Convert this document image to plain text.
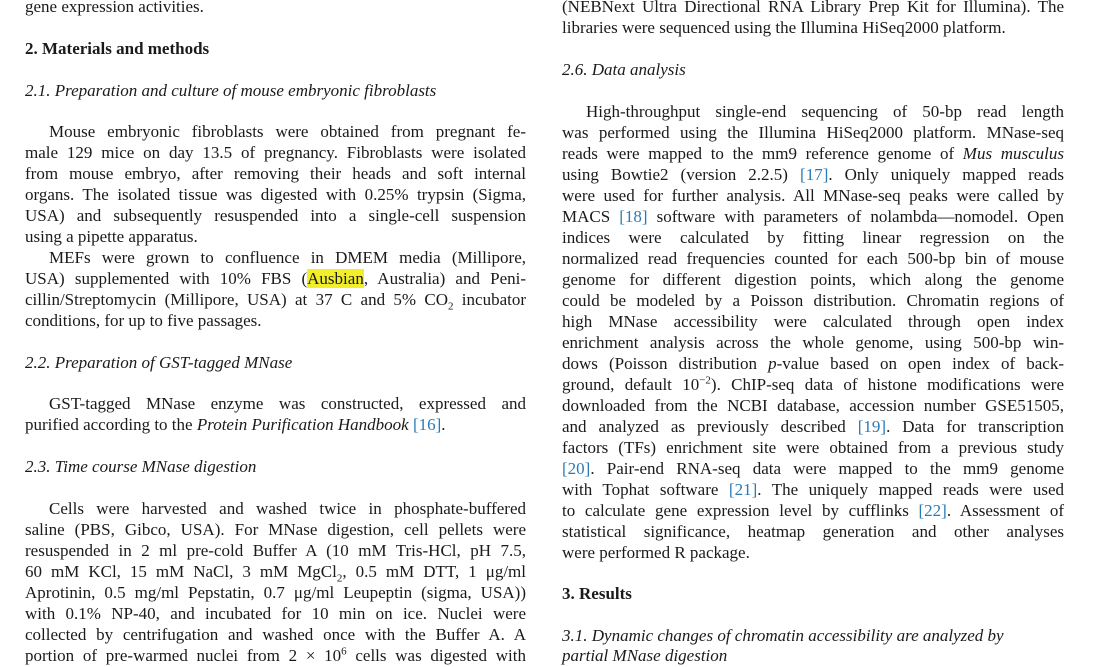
gene expression activities.
2. Materials and methods
2.1. Preparation and culture of mouse embryonic fibroblasts
Mouse embryonic fibroblasts were obtained from pregnant fe-
male 129 mice on day 13.5 of pregnancy. Fibroblasts were isolated
from mouse embryo, after removing their heads and soft internal
organs. The isolated tissue was digested with 0.25% trypsin (Sigma,
USA) and subsequently resuspended into a single-cell suspension
using a pipette apparatus.
MEFs were grown to confluence in DMEM media (Millipore,
USA) supplemented with 10% FBS (Ausbian, Australia) and Peni-
cillin/Streptomycin (Millipore, USA) at 37 C and 5% $CO_2$ incubator
conditions, for up to five passages.
2.2. Preparation of GST-tagged MNase
GST-tagged MNase enzyme was constructed, expressed and
purified according to the Protein Purification Handbook [16].
2.3. Time course MNase digestion
Cells were harvested and washed twice in phosphate-buffered
saline (PBS, Gibco, USA). For MNase digestion, cell pellets were
resuspended in 2 ml pre-cold Buffer A (10 mM Tris-HCl, pH 7.5,
60 mM KCl, 15 mM NaCl, 3 mM MgCl$_2$, 0.5 mM DTT, 1 μg/ml
Aprotinin, 0.5 mg/ml Pepstatin, 0.7 μg/ml Leupeptin (sigma, USA))
with 0.1% NP-40, and incubated for 10 min on ice. Nuclei were
collected by centrifugation and washed once with the Buffer A. A
portion of pre-warmed nuclei from $2 \times 10^6$ cells was digested with
(NEBNext Ultra Directional RNA Library Prep Kit for Illumina). The
libraries were sequenced using the Illumina HiSeq2000 platform.
2.6. Data analysis
High-throughput single-end sequencing of 50-bp read length
was performed using the Illumina HiSeq2000 platform. MNase-seq
reads were mapped to the mm9 reference genome of Mus musculus
using Bowtie2 (version 2.2.5) [17]. Only uniquely mapped reads
were used for further analysis. All MNase-seq peaks were called by
MACS [18] software with parameters of nolambda—nomodel. Open
indices were calculated by fitting linear regression on the
normalized read frequencies counted for each 500-bp bin of mouse
genome for different digestion points, which along the genome
could be modeled by a Poisson distribution. Chromatin regions of
high MNase accessibility were calculated through open index
enrichment analysis across the whole genome, using 500-bp win-
dows (Poisson distribution p-value based on open index of back-
ground, default $10^{-2}$). ChIP-seq data of histone modifications were
downloaded from the NCBI database, accession number GSE51505,
and analyzed as previously described [19]. Data for transcription
factors (TFs) enrichment site were obtained from a previous study
[20]. Pair-end RNA-seq data were mapped to the mm9 genome
with Tophat software [21]. The uniquely mapped reads were used
to calculate gene expression level by cufflinks [22]. Assessment of
statistical significance, heatmap generation and other analyses
were performed R package.
3. Results
3.1. Dynamic changes of chromatin accessibility are analyzed by
partial MNase digestion
